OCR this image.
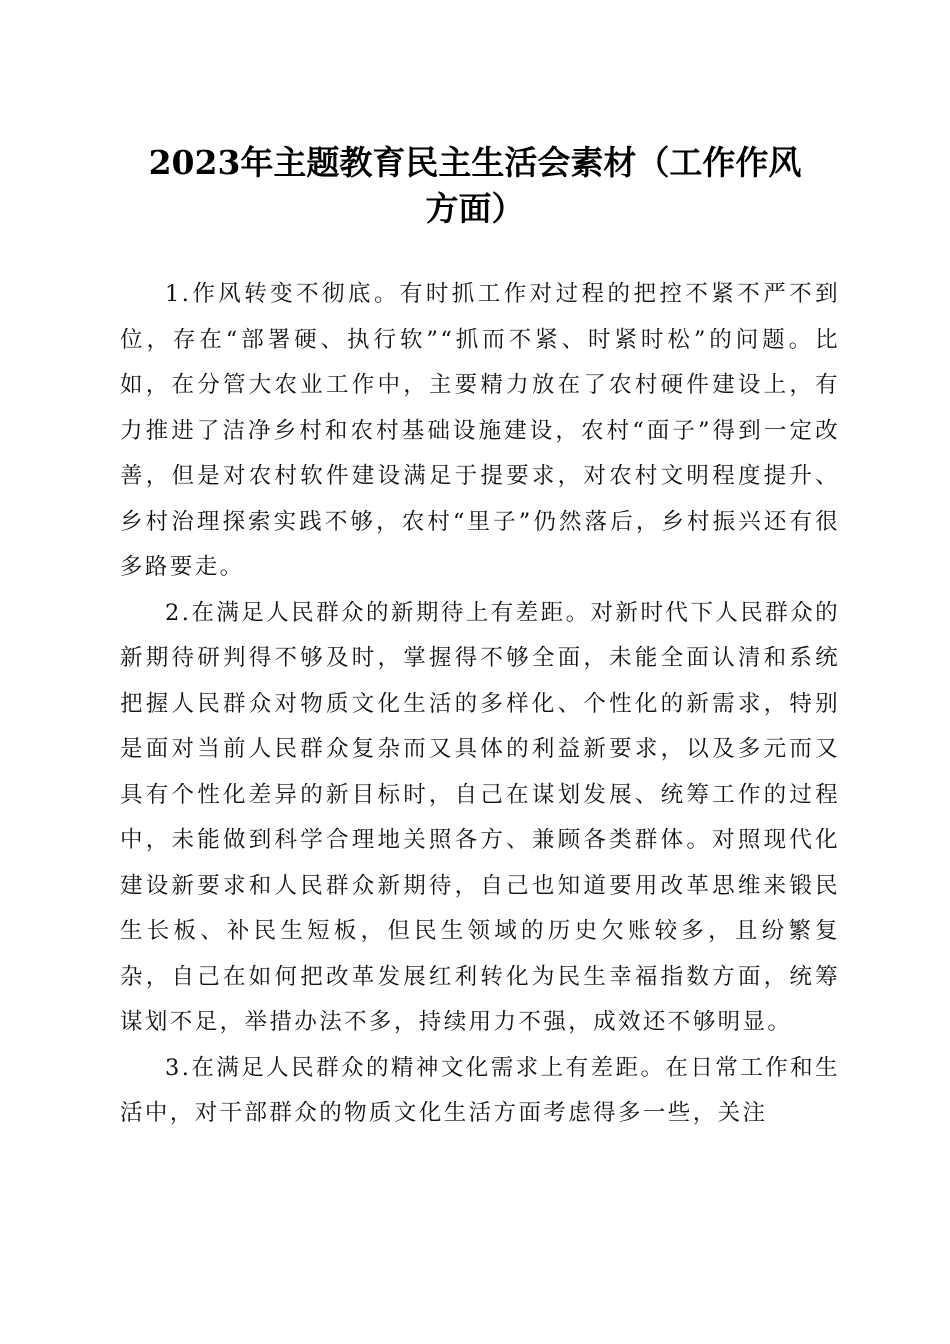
2023年主题教育民主生活会素材（工作作风
方面）

1.作风转变不彻底。有时抓工作对过程的把控不紧不严不到位，存在“部署硬、执行软”“抓而不紧、时紧时松”的问题。比如，在分管大农业工作中，主要精力放在了农村硬件建设上，有力推进了洁净乡村和农村基础设施建设，农村“面子”得到一定改善，但是对农村软件建设满足于提要求，对农村文明程度提升、乡村治理探索实践不够，农村“里子”仍然落后，乡村振兴还有很多路要走。

2.在满足人民群众的新期待上有差距。对新时代下人民群众的新期待研判得不够及时，掌握得不够全面，未能全面认清和系统把握人民群众对物质文化生活的多样化、个性化的新需求，特别是面对当前人民群众复杂而又具体的利益新要求，以及多元而又具有个性化差异的新目标时，自己在谋划发展、统筹工作的过程中，未能做到科学合理地关照各方、兼顾各类群体。对照现代化建设新要求和人民群众新期待，自己也知道要用改革思维来锻民生长板、补民生短板，但民生领域的历史欠账较多，且纷繁复杂，自己在如何把改革发展红利转化为民生幸福指数方面，统筹谋划不足，举措办法不多，持续用力不强，成效还不够明显。

3.在满足人民群众的精神文化需求上有差距。在日常工作和生活中，对干部群众的物质文化生活方面考虑得多一些，关注
